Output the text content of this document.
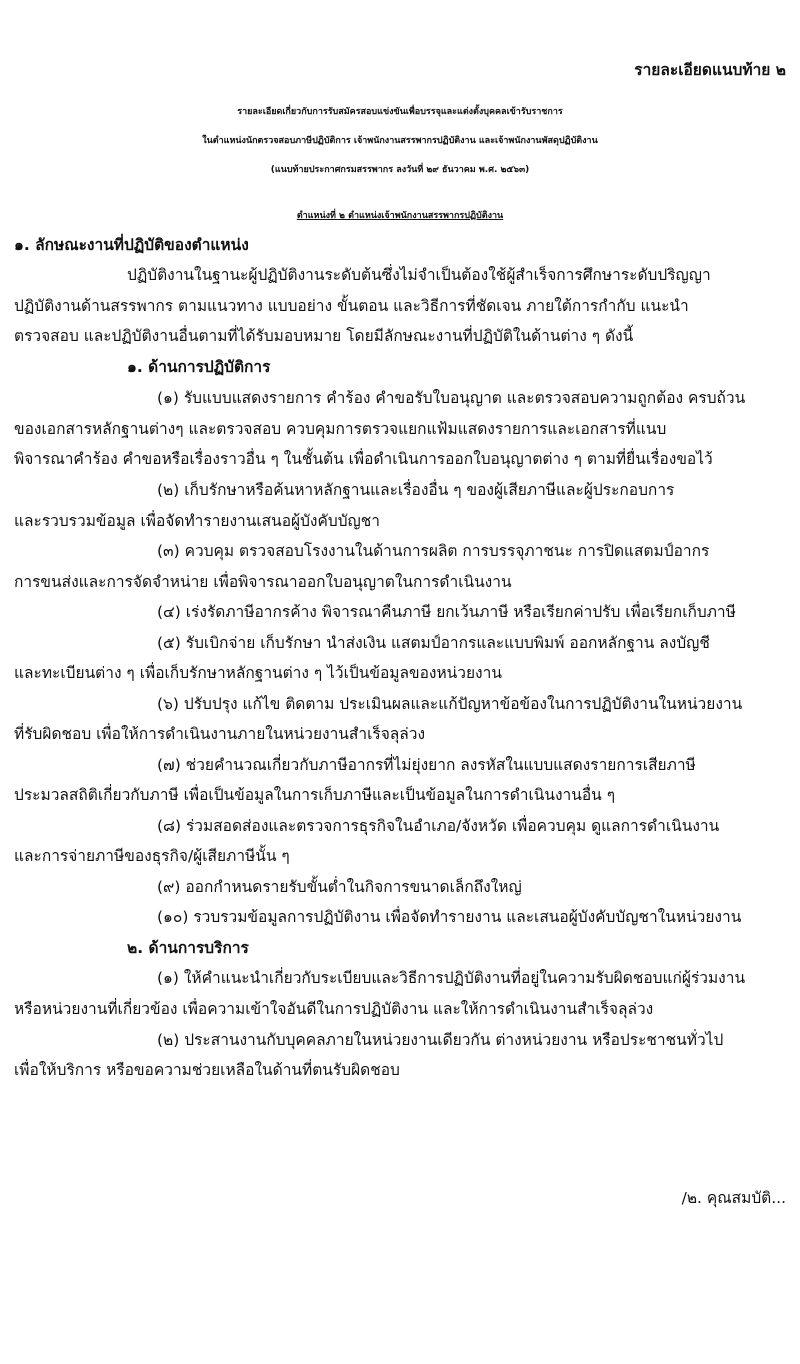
รายละเอียดแนบท้าย ๒
รายละเอียดเกี่ยวกับการรับสมัครสอบแข่งขันเพื่อบรรจุและแต่งตั้งบุคคลเข้ารับราชการ
ในตำแหน่งนักตรวจสอบภาษีปฏิบัติการ เจ้าพนักงานสรรพากรปฏิบัติงาน และเจ้าพนักงานพัสดุปฏิบัติงาน
(แนบท้ายประกาศกรมสรรพากร ลงวันที่ ๒๙ ธันวาคม พ.ศ. ๒๕๖๓)
ตำแหน่งที่ ๒ ตำแหน่งเจ้าพนักงานสรรพากรปฏิบัติงาน
๑. ลักษณะงานที่ปฏิบัติของตำแหน่ง
ปฏิบัติงานในฐานะผู้ปฏิบัติงานระดับต้นซึ่งไม่จำเป็นต้องใช้ผู้สำเร็จการศึกษาระดับปริญญา
ปฏิบัติงานด้านสรรพากร ตามแนวทาง แบบอย่าง ขั้นตอน และวิธีการที่ชัดเจน ภายใต้การกำกับ แนะนำ
ตรวจสอบ และปฏิบัติงานอื่นตามที่ได้รับมอบหมาย โดยมีลักษณะงานที่ปฏิบัติในด้านต่าง ๆ ดังนี้
๑. ด้านการปฏิบัติการ
(๑) รับแบบแสดงรายการ คำร้อง คำขอรับใบอนุญาต และตรวจสอบความถูกต้อง ครบถ้วน
ของเอกสารหลักฐานต่างๆ และตรวจสอบ ควบคุมการตรวจแยกแฟ้มแสดงรายการและเอกสารที่แนบ
พิจารณาคำร้อง คำขอหรือเรื่องราวอื่น ๆ ในชั้นต้น เพื่อดำเนินการออกใบอนุญาตต่าง ๆ ตามที่ยื่นเรื่องขอไว้
(๒) เก็บรักษาหรือค้นหาหลักฐานและเรื่องอื่น ๆ ของผู้เสียภาษีและผู้ประกอบการ
และรวบรวมข้อมูล เพื่อจัดทำรายงานเสนอผู้บังคับบัญชา
(๓) ควบคุม ตรวจสอบโรงงานในด้านการผลิต การบรรจุภาชนะ การปิดแสตมป์อากร
การขนส่งและการจัดจำหน่าย เพื่อพิจารณาออกใบอนุญาตในการดำเนินงาน
(๔) เร่งรัดภาษีอากรค้าง พิจารณาคืนภาษี ยกเว้นภาษี หรือเรียกค่าปรับ เพื่อเรียกเก็บภาษี
(๕) รับเบิกจ่าย เก็บรักษา นำส่งเงิน แสตมป์อากรและแบบพิมพ์ ออกหลักฐาน ลงบัญชี
และทะเบียนต่าง ๆ เพื่อเก็บรักษาหลักฐานต่าง ๆ ไว้เป็นข้อมูลของหน่วยงาน
(๖) ปรับปรุง แก้ไข ติดตาม ประเมินผลและแก้ปัญหาข้อข้องในการปฏิบัติงานในหน่วยงาน
ที่รับผิดชอบ เพื่อให้การดำเนินงานภายในหน่วยงานสำเร็จลุล่วง
(๗) ช่วยคำนวณเกี่ยวกับภาษีอากรที่ไม่ยุ่งยาก ลงรหัสในแบบแสดงรายการเสียภาษี
ประมวลสถิติเกี่ยวกับภาษี เพื่อเป็นข้อมูลในการเก็บภาษีและเป็นข้อมูลในการดำเนินงานอื่น ๆ
(๘) ร่วมสอดส่องและตรวจการธุรกิจในอำเภอ/จังหวัด เพื่อควบคุม ดูแลการดำเนินงาน
และการจ่ายภาษีของธุรกิจ/ผู้เสียภาษีนั้น ๆ
(๙) ออกกำหนดรายรับขั้นต่ำในกิจการขนาดเล็กถึงใหญ่
(๑๐) รวบรวมข้อมูลการปฏิบัติงาน เพื่อจัดทำรายงาน และเสนอผู้บังคับบัญชาในหน่วยงาน
๒. ด้านการบริการ
(๑) ให้คำแนะนำเกี่ยวกับระเบียบและวิธีการปฏิบัติงานที่อยู่ในความรับผิดชอบแก่ผู้ร่วมงาน
หรือหน่วยงานที่เกี่ยวข้อง เพื่อความเข้าใจอันดีในการปฏิบัติงาน และให้การดำเนินงานสำเร็จลุล่วง
(๒) ประสานงานกับบุคคลภายในหน่วยงานเดียวกัน ต่างหน่วยงาน หรือประชาชนทั่วไป
เพื่อให้บริการ หรือขอความช่วยเหลือในด้านที่ตนรับผิดชอบ
/๒. คุณสมบัติ...
